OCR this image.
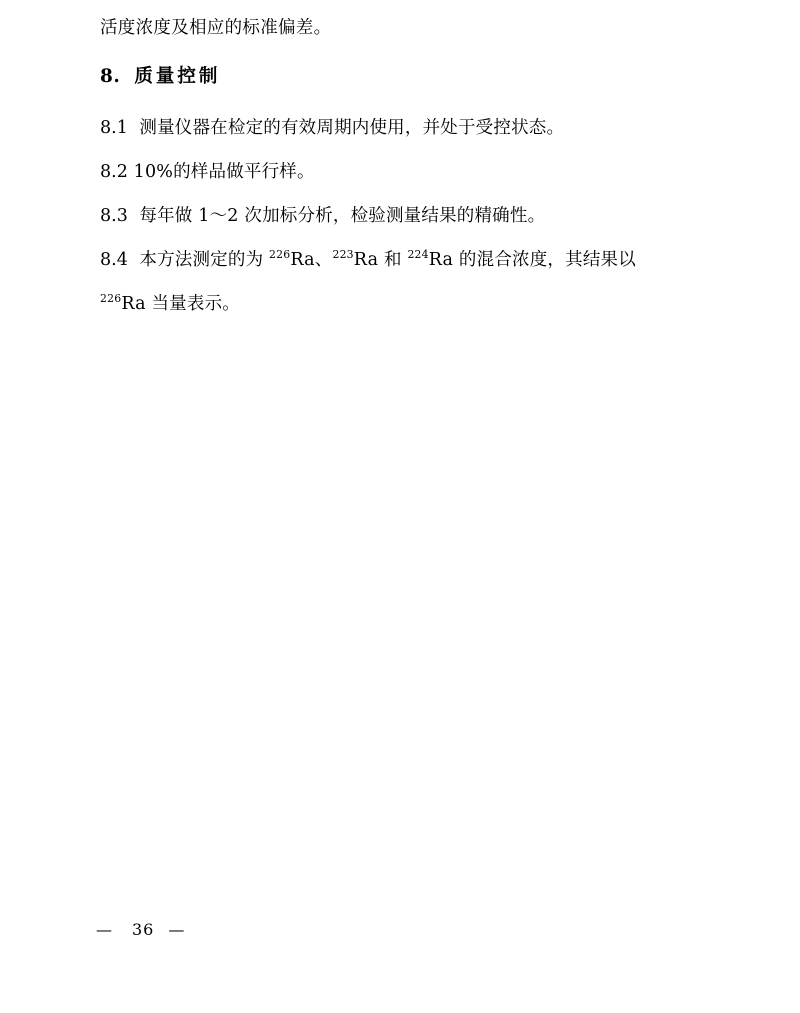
活度浓度及相应的标准偏差。
8. 质量控制

8.1 测量仪器在检定的有效周期内使用，并处于受控状态。

8.2 10%的样品做平行样。

8.3 每年做 1～2 次加标分析，检验测量结果的精确性。

8.4 本方法测定的为 $^{226}$Ra、$^{223}$Ra 和 $^{224}$Ra 的混合浓度，其结果以
$^{226}$Ra 当量表示。

— 36 —
